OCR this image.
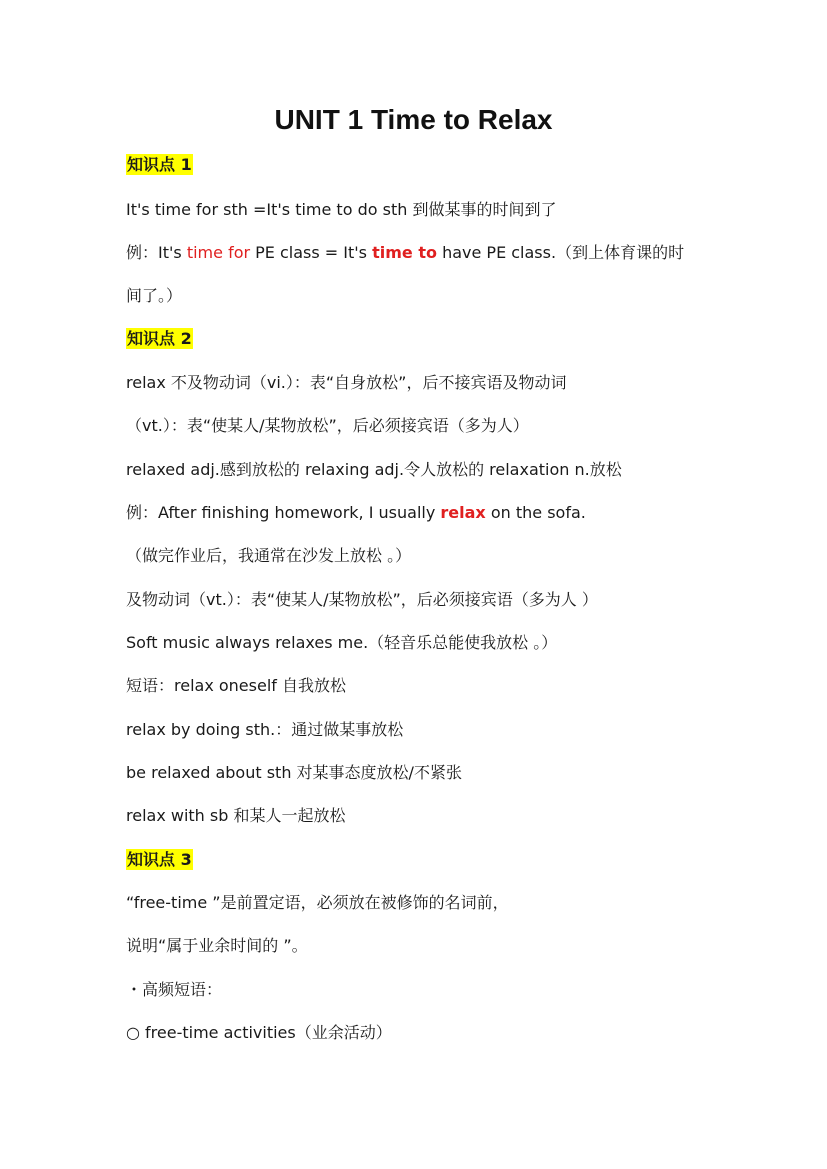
UNIT 1 Time to Relax
知识点 1
It's time for sth =It's time to do sth 到做某事的时间到了
例：It's time for PE class = It's time to have PE class.（到上体育课的时
间了。）
知识点 2
relax 不及物动词（vi.）：表“自身放松”，后不接宾语及物动词
（vt.）：表“使某人/某物放松”，后必须接宾语（多为人）
relaxed adj.感到放松的 relaxing adj.令人放松的 relaxation n.放松
例：After finishing homework, I usually relax on the sofa.
（做完作业后，我通常在沙发上放松 。）
及物动词（vt.）：表“使某人/某物放松”，后必须接宾语（多为人 ）
Soft music always relaxes me.（轻音乐总能使我放松 。）
短语：relax oneself 自我放松
relax by doing sth.：通过做某事放松
be relaxed about sth 对某事态度放松/不紧张
relax with sb 和某人一起放松
知识点 3
“free-time ”是前置定语，必须放在被修饰的名词前，
说明“属于业余时间的 ”。
・高频短语：
○ free-time activities（业余活动）
